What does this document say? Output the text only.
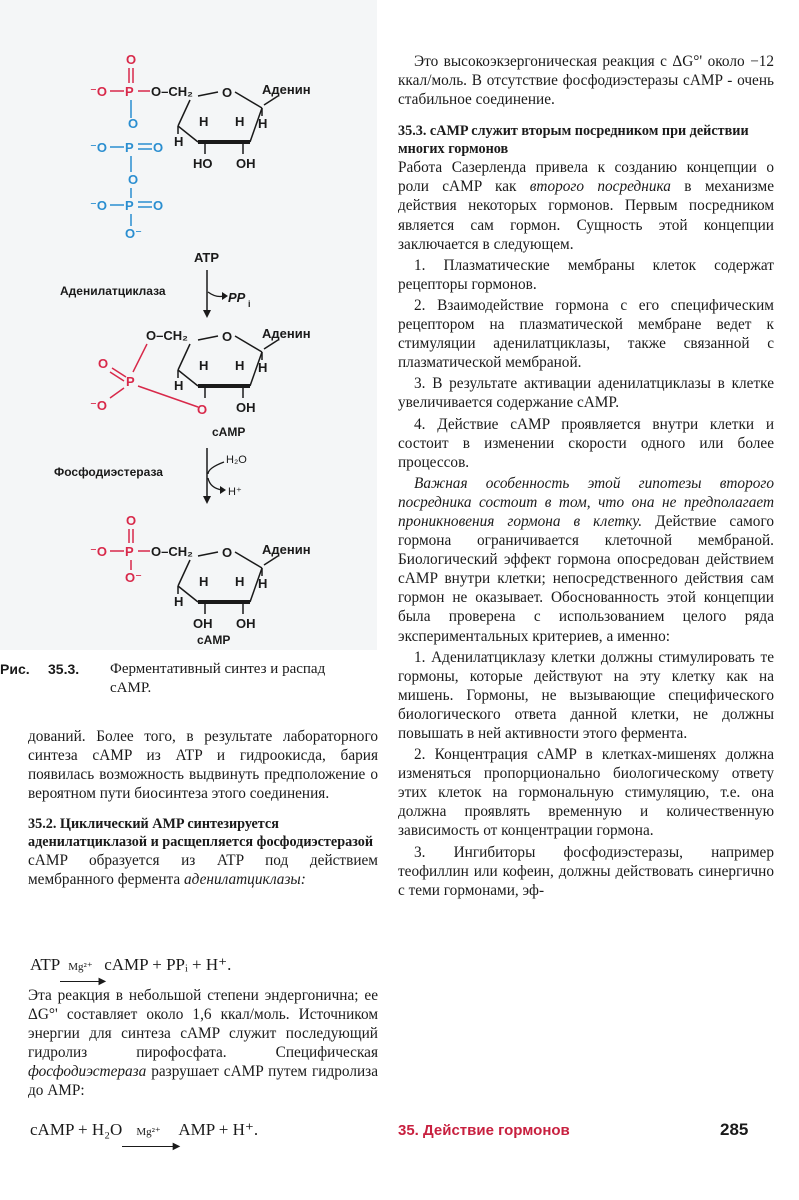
O
⁻O P O
O
⁻O P O
O⁻
O
⁻O P O–CH₂ O Аденин
H
H H H
HO OH
ATP
Аденилатциклаза	PP i
O–CH₂	O Аденин
H
H H H
OH
P
O
⁻O	O
cAMP
Фосфодиэстераза
H₂O
H⁺
O
⁻O P
O⁻
O–CH₂ O Аденин
H
H H H
OH OH
cAMP
Рис. 35.3. Ферментативный синтез и распад cAMP.

дований. Более того, в результате лабораторного синтеза cAMP из ATP и гидроокисда, бария появилась возможность выдвинуть предположение о вероятном пути биосинтеза этого соединения.

35.2. Циклический AMP синтезируется аденилатциклазой и расщепляется фосфодиэстеразой

cAMP образуется из ATP под действием мембранного фермента аденилатциклазы:

ATP Mg²⁺
▶
cAMP + PPᵢ + H⁺.

Эта реакция в небольшой степени эндергонична; ее ΔG°' составляет около 1,6 ккал/моль. Источником энергии для синтеза cAMP служит последующий гидролиз пирофосфата. Специфическая фосфодиэстераза разрушает cAMP путем гидролиза до AMP:

cAMP + H₂O Mg²⁺
▶
AMP + H⁺.

Это высокоэкзергоническая реакция с ΔG°' около −12 ккал/моль. В отсутствие фосфодиэстеразы cAMP - очень стабильное соединение.

35.3. cAMP служит вторым посредником при действии многих гормонов

Работа Сазерленда привела к созданию концепции о роли cAMP как второго посредника в механизме действия некоторых гормонов. Первым посредником является сам гормон. Сущность этой концепции заключается в следующем.

1. Плазматические мембраны клеток содержат рецепторы гормонов.

2. Взаимодействие гормона с его специфическим рецептором на плазматической мембране ведет к стимуляции аденилатциклазы, также связанной с плазматической мембраной.

3. В результате активации аденилатциклазы в клетке увеличивается содержание cAMP.

4. Действие cAMP проявляется внутри клетки и состоит в изменении скорости одного или более процессов.

Важная особенность этой гипотезы второго посредника состоит в том, что она не предполагает проникновения гормона в клетку. Действие самого гормона ограничивается клеточной мембраной. Биологический эффект гормона опосредован действием cAMP внутри клетки; непосредственного действия сам гормон не оказывает. Обоснованность этой концепции была проверена с использованием целого ряда экспериментальных критериев, а именно:

1. Аденилатциклазу клетки должны стимулировать те гормоны, которые действуют на эту клетку как на мишень. Гормоны, не вызывающие специфического биологического ответа данной клетки, не должны повышать в ней активности этого фермента.

2. Концентрация cAMP в клетках-мишенях должна изменяться пропорционально биологическому ответу этих клеток на гормональную стимуляцию, т.е. она должна проявлять временную и количественную зависимость от концентрации гормона.

3. Ингибиторы фосфодиэстеразы, например теофиллин или кофеин, должны действовать синергично с теми гормонами, эф-

35. Действие гормонов	285
